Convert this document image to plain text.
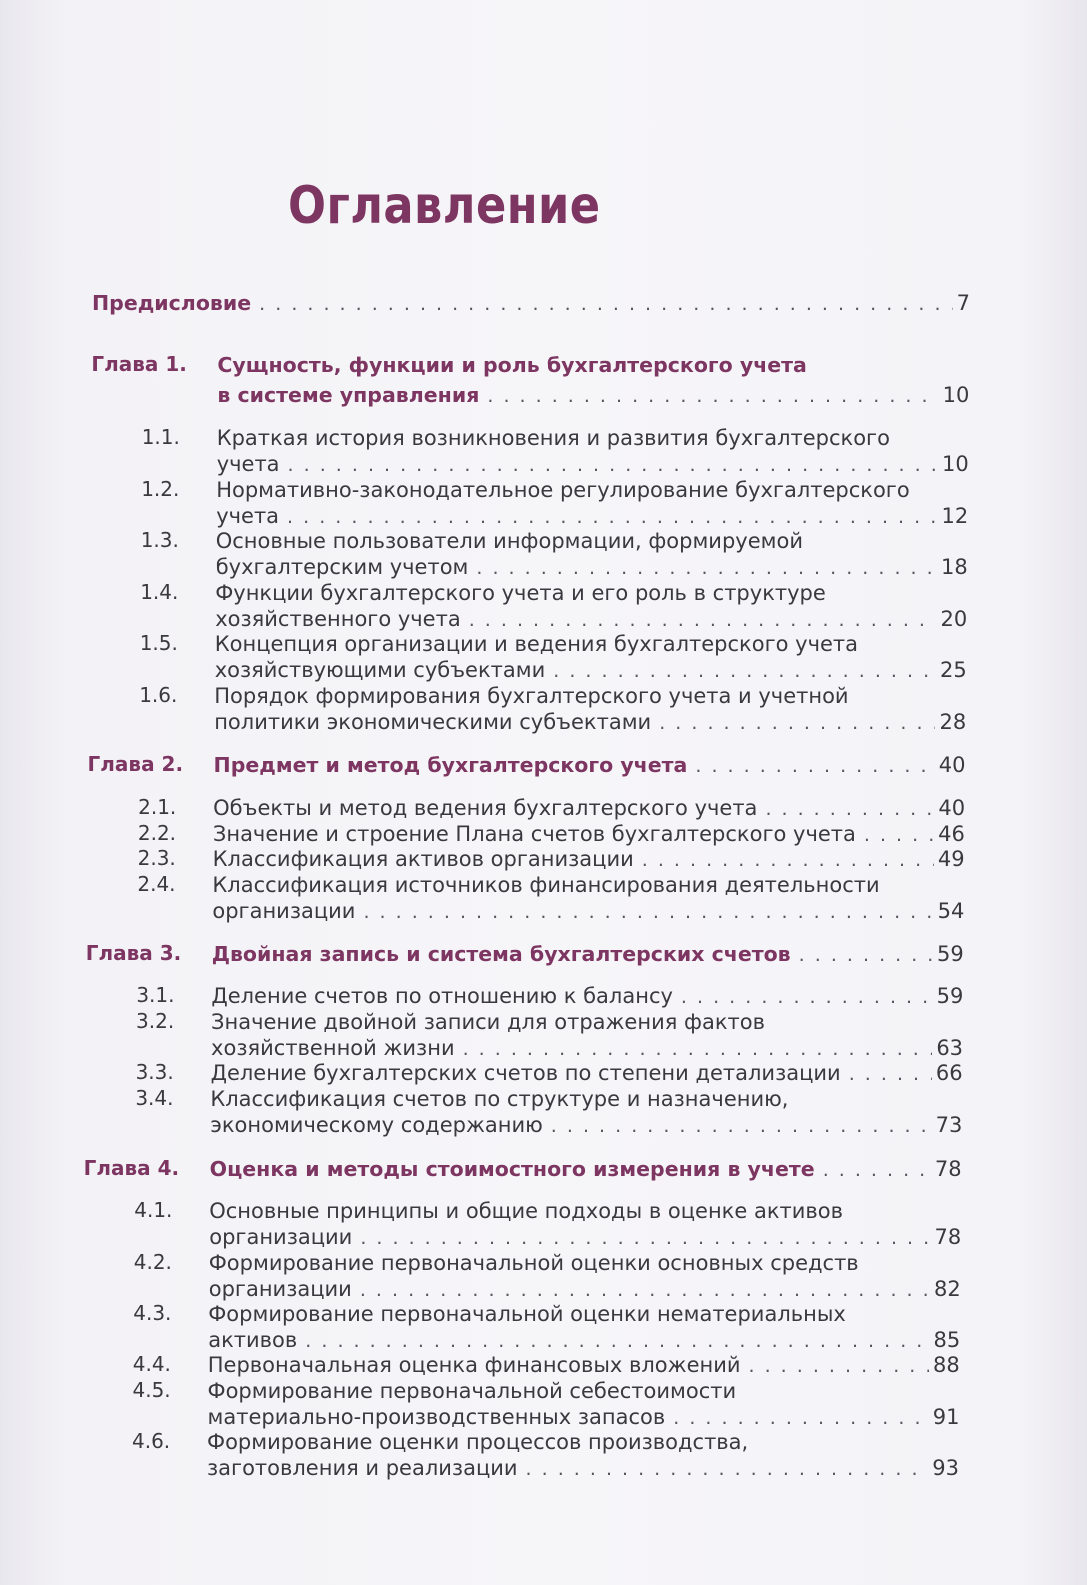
Оглавление
Предисловие . . .	7
Глава 1. Сущность, функции и роль бухгалтерского учета
в системе управления . . .	10
1.1. Краткая история возникновения и развития бухгалтерского
учета . . .	10
1.2. Нормативно-законодательное регулирование бухгалтерского
учета . . .	12
1.3. Основные пользователи информации, формируемой
бухгалтерским учетом . . .	18
1.4. Функции бухгалтерского учета и его роль в структуре
хозяйственного учета . . .	20
1.5. Концепция организации и ведения бухгалтерского учета
хозяйствующими субъектами . . .	25
1.6. Порядок формирования бухгалтерского учета и учетной
политики экономическими субъектами . . .	28
Глава 2. Предмет и метод бухгалтерского учета . . .	40
2.1. Объекты и метод ведения бухгалтерского учета . . .	40
2.2. Значение и строение Плана счетов бухгалтерского учета . . .	46
2.3. Классификация активов организации . . .	49
2.4. Классификация источников финансирования деятельности
организации . . .	54
Глава 3. Двойная запись и система бухгалтерских счетов . . .	59
3.1. Деление счетов по отношению к балансу . . .	59
3.2. Значение двойной записи для отражения фактов
хозяйственной жизни . . .	63
3.3. Деление бухгалтерских счетов по степени детализации . . .	66
3.4. Классификация счетов по структуре и назначению,
экономическому содержанию . . .	73
Глава 4. Оценка и методы стоимостного измерения в учете . . .	78
4.1. Основные принципы и общие подходы в оценке активов
организации . . .	78
4.2. Формирование первоначальной оценки основных средств
организации . . .	82
4.3. Формирование первоначальной оценки нематериальных
активов . . .	85
4.4. Первоначальная оценка финансовых вложений . . .	88
4.5. Формирование первоначальной себестоимости
материально-производственных запасов . . .	91
4.6. Формирование оценки процессов производства,
заготовления и реализации . . .	93
